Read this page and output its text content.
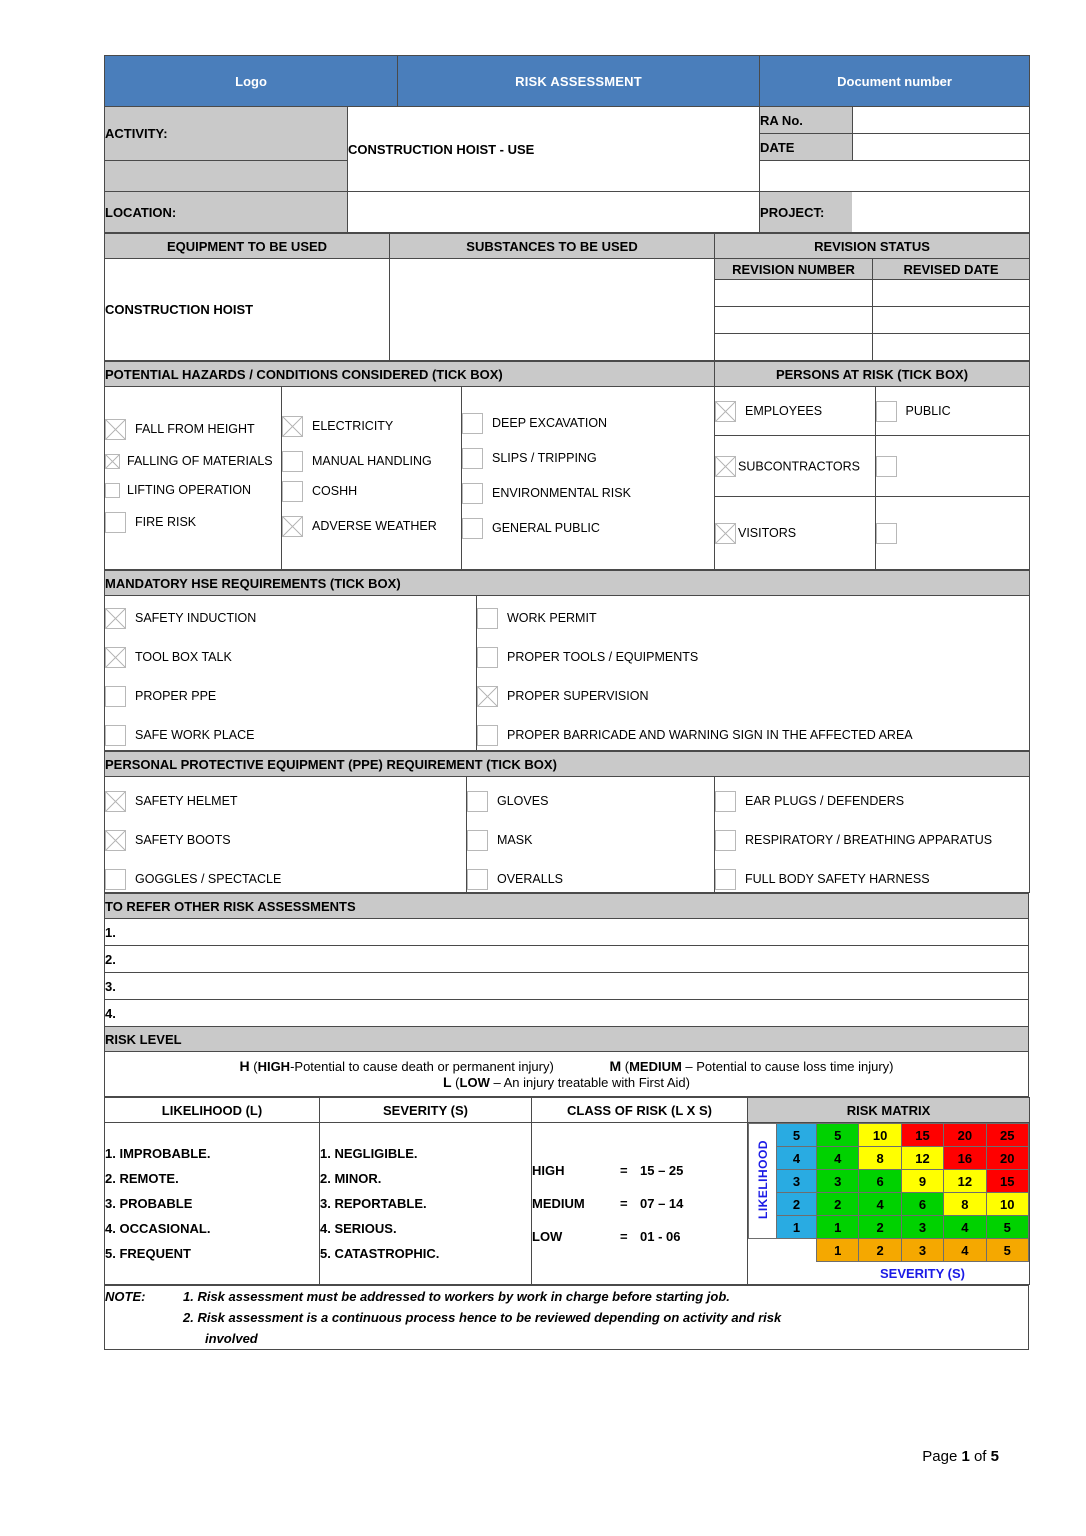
Logo	RISK ASSESSMENT	Document number
ACTIVITY:	CONSTRUCTION HOIST - USE	
RA No.	
DATE	

LOCATION:			PROJECT:	
EQUIPMENT TO BE USED	SUBSTANCES TO BE USED	REVISION STATUS	
CONSTRUCTION HOIST		REVISION NUMBER	REVISED DATE

POTENTIAL HAZARDS / CONDITIONS CONSIDERED (TICK BOX)	PERSONS AT RISK (TICK BOX)

FALL FROM HEIGHT
FALLING OF MATERIALS
LIFTING OPERATION
FIRE RISK

ELECTRICITY
MANUAL HANDLING
COSHH
ADVERSE WEATHER

DEEP EXCAVATION
SLIPS / TRIPPING
ENVIRONMENTAL RISK
GENERAL PUBLIC

EMPLOYEES	PUBLIC

SUBCONTRACTORS

VISITORS

MANDATORY HSE REQUIREMENTS (TICK BOX)

SAFETY INDUCTION
TOOL BOX TALK
PROPER PPE
SAFE WORK PLACE

WORK PERMIT
PROPER TOOLS / EQUIPMENTS
PROPER SUPERVISION
PROPER BARRICADE AND WARNING SIGN IN THE AFFECTED AREA
PERSONAL PROTECTIVE EQUIPMENT (PPE) REQUIREMENT (TICK BOX)

SAFETY HELMET
SAFETY BOOTS
GOGGLES / SPECTACLE

GLOVES
MASK
OVERALLS

EAR PLUGS / DEFENDERS
RESPIRATORY / BREATHING APPARATUS
FULL BODY SAFETY HARNESS
TO REFER OTHER RISK ASSESSMENTS
1.
2.
3.
4.
RISK LEVEL
H (HIGH-Potential to cause death or permanent injury)	M (MEDIUM – Potential to cause loss time injury) L (LOW – An injury treatable with First Aid)
LIKELIHOOD (L)	SEVERITY (S)	CLASS OF RISK (L X S)	RISK MATRIX

1. IMPROBABLE.
2. REMOTE.
3. PROBABLE
4. OCCASIONAL.
5. FREQUENT

1. NEGLIGIBLE.
2. MINOR.
3. REPORTABLE.
4. SERIOUS.
5. CATASTROPHIC.

HIGH	= 15 – 25
MEDIUM	= 07 – 14
LOW	= 01 - 06

LIKELIHOOD	5	5	10	15	20	25
4	4	8	12	16	20
3	3	6	9	12	15
2	2	4	6	8	10
1	1	2	3	4	5
		1	2	3	4	5
		SEVERITY (S)
NOTE:	1. Risk assessment must be addressed to workers by work in charge before starting job.
2. Risk assessment is a continuous process hence to be reviewed depending on activity and risk
involved
Page 1 of 5
